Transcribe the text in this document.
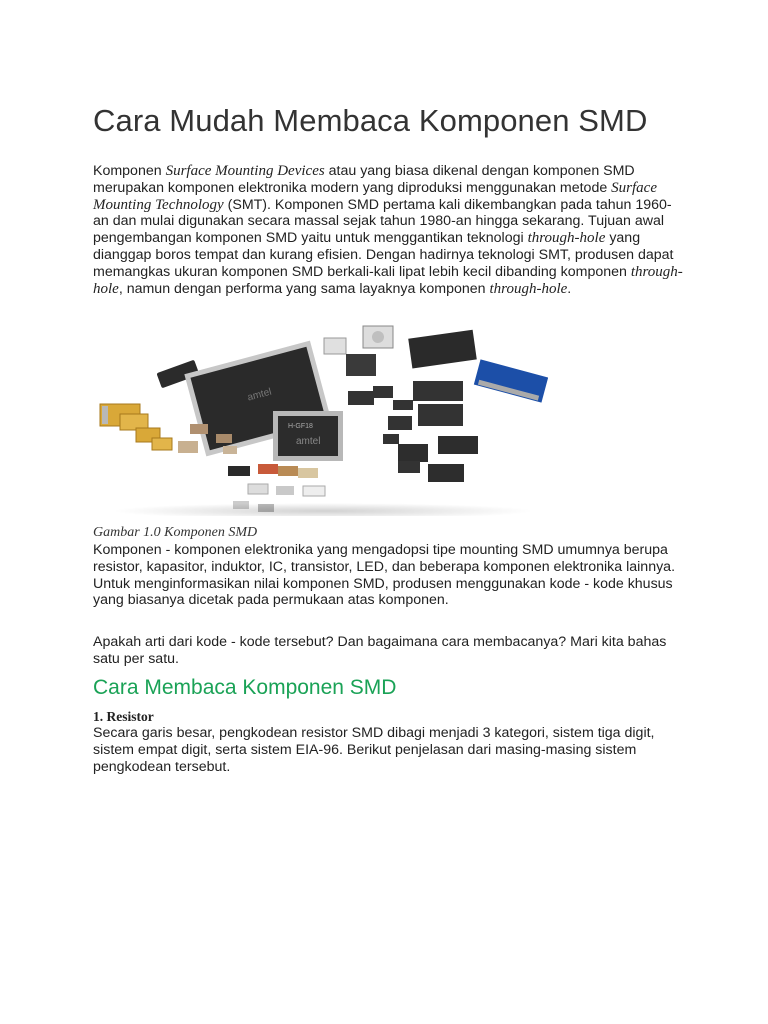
Cara Mudah Membaca Komponen SMD

Komponen Surface Mounting Devices atau yang biasa dikenal dengan komponen SMD merupakan komponen elektronika modern yang diproduksi menggunakan metode Surface Mounting Technology (SMT). Komponen SMD pertama kali dikembangkan pada tahun 1960-an dan mulai digunakan secara massal sejak tahun 1980-an hingga sekarang. Tujuan awal pengembangan komponen SMD yaitu untuk menggantikan teknologi through-hole yang dianggap boros tempat dan kurang efisien. Dengan hadirnya teknologi SMT, produsen dapat memangkas ukuran komponen SMD berkali-kali lipat lebih kecil dibanding komponen through-hole, namun dengan performa yang sama layaknya komponen through-hole.

amtel
H-GF18
amtel
Gambar 1.0 Komponen SMD

Komponen - komponen elektronika yang mengadopsi tipe mounting SMD umumnya berupa resistor, kapasitor, induktor, IC, transistor, LED, dan beberapa komponen elektronika lainnya. Untuk menginformasikan nilai komponen SMD, produsen menggunakan kode - kode khusus yang biasanya dicetak pada permukaan atas komponen.

Apakah arti dari kode - kode tersebut? Dan bagaimana cara membacanya? Mari kita bahas satu per satu.

Cara Membaca Komponen SMD
1. Resistor

Secara garis besar, pengkodean resistor SMD dibagi menjadi 3 kategori, sistem tiga digit, sistem empat digit, serta sistem EIA-96. Berikut penjelasan dari masing-masing sistem pengkodean tersebut.
